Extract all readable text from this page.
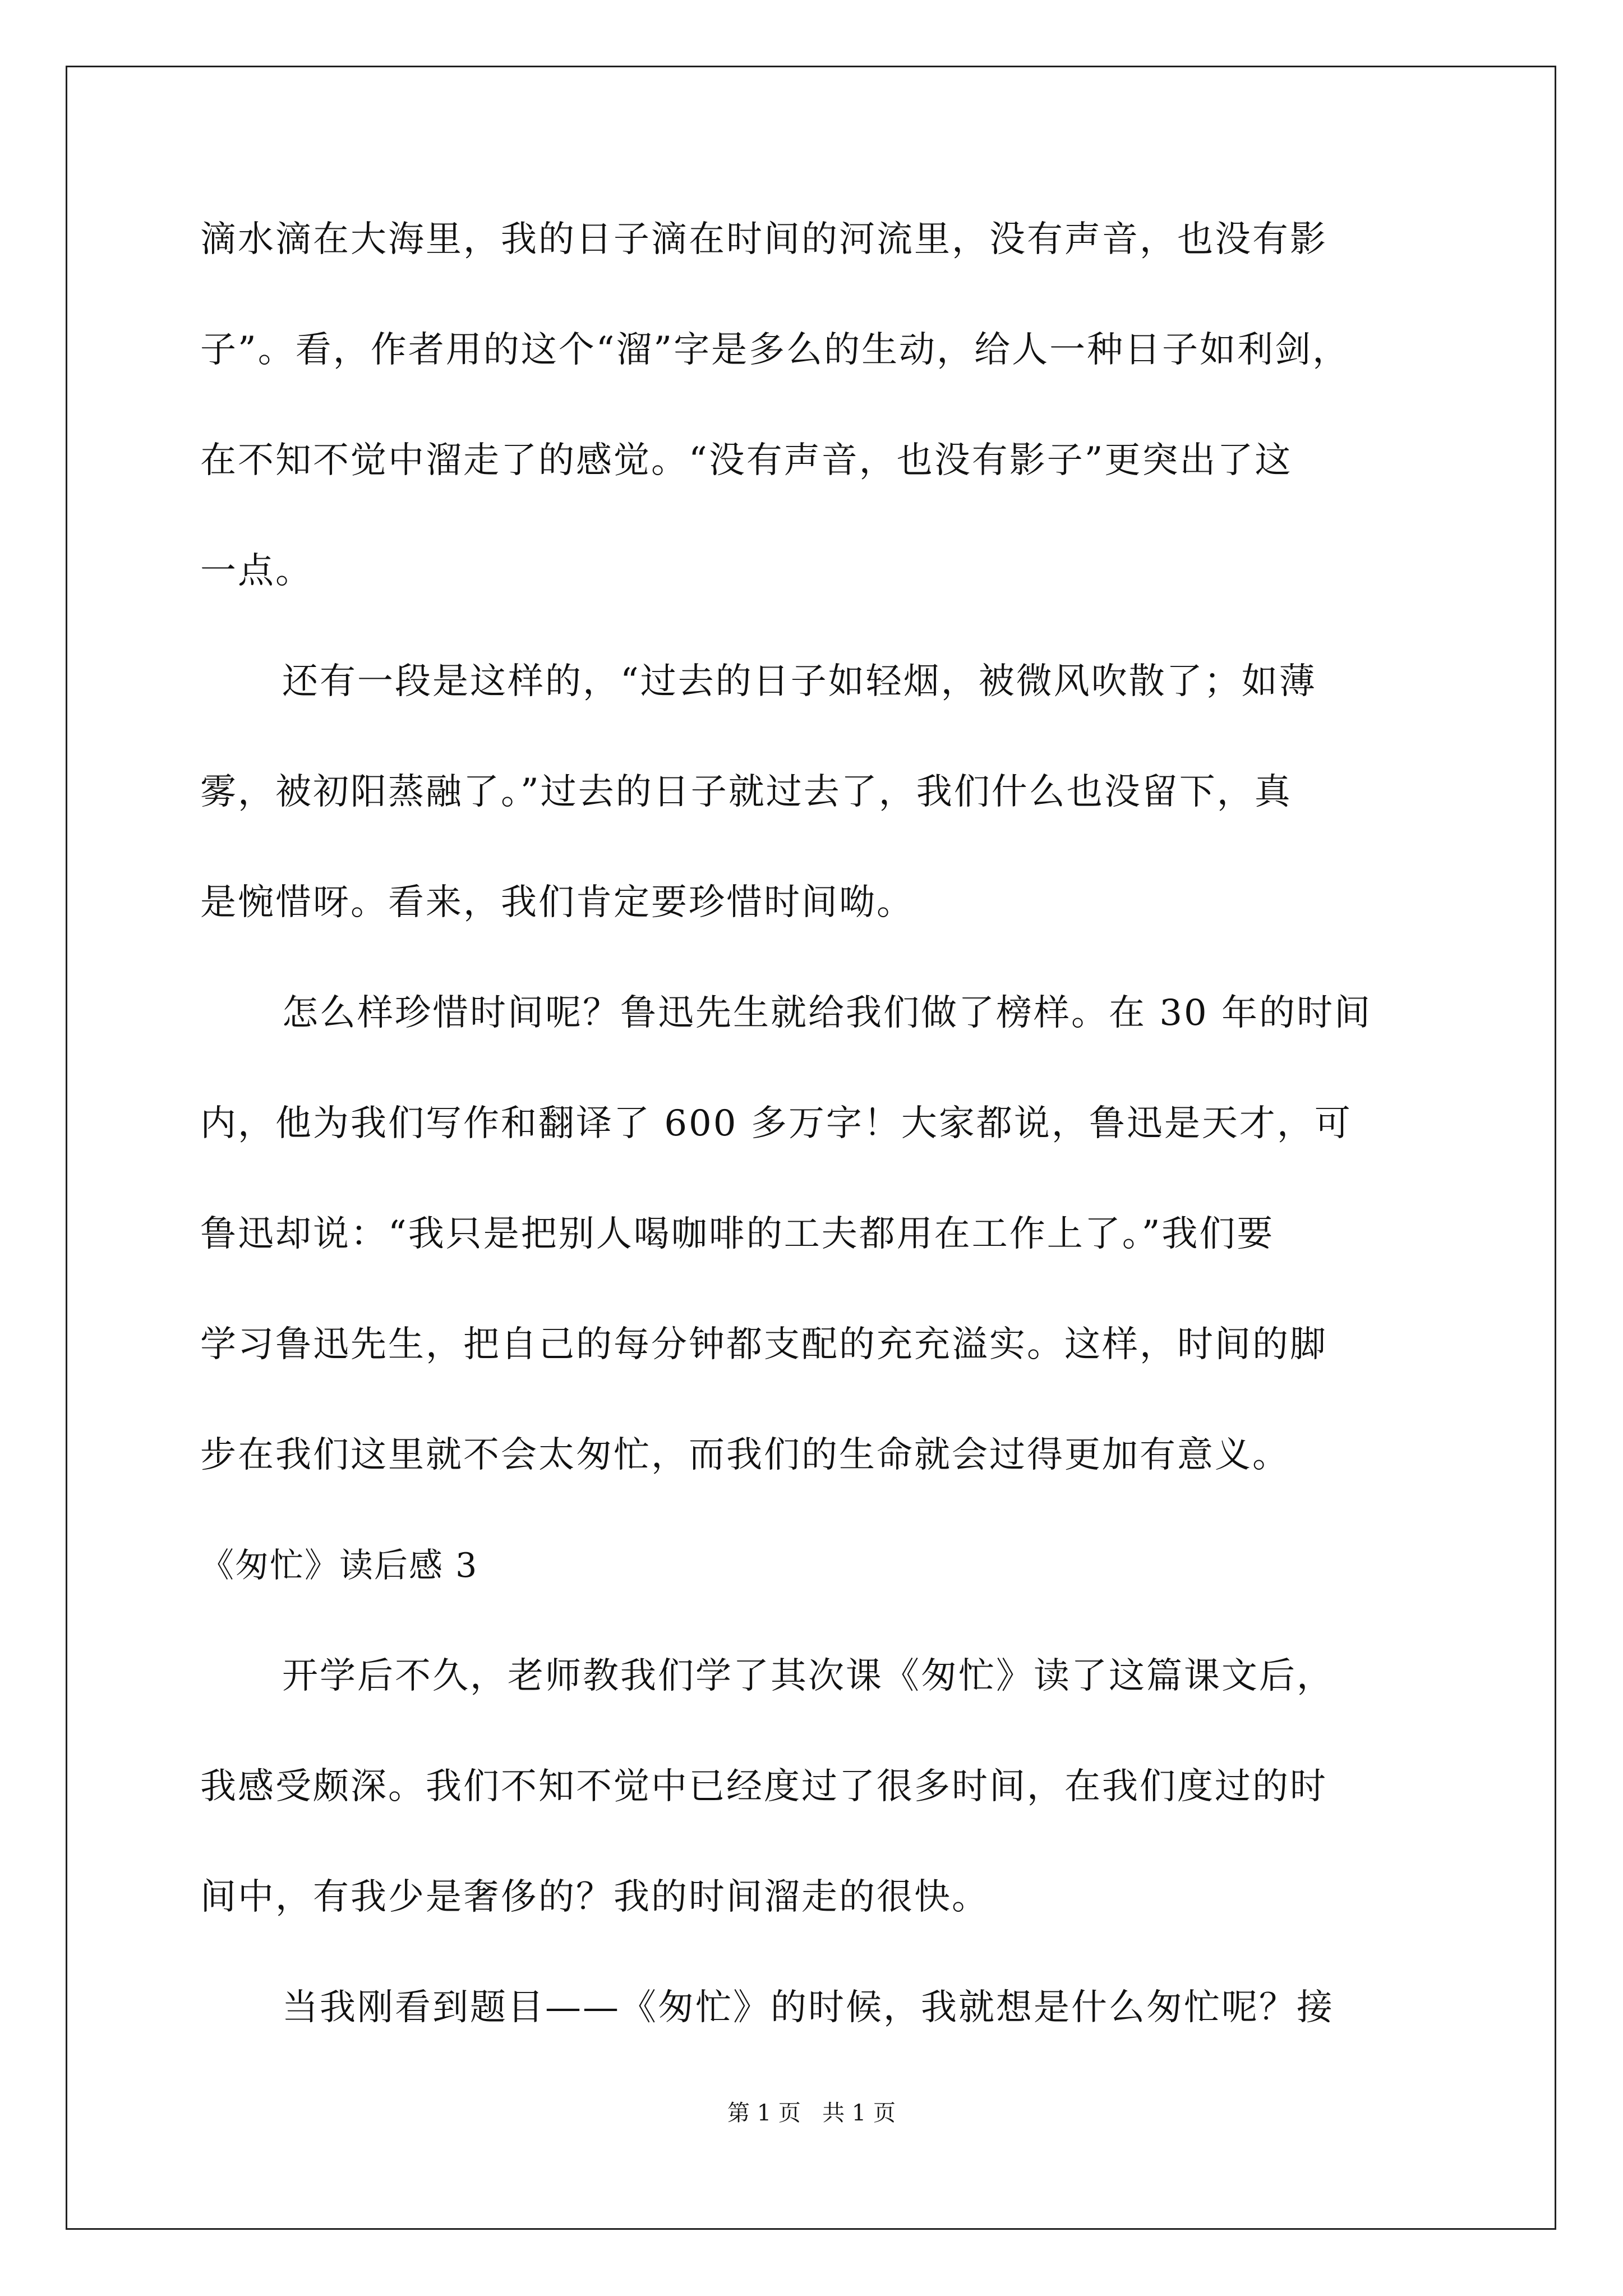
滴水滴在大海里，我的日子滴在时间的河流里，没有声音，也没有影
子”。看，作者用的这个“溜”字是多么的生动，给人一种日子如利剑，
在不知不觉中溜走了的感觉。“没有声音，也没有影子”更突出了这
一点。
还有一段是这样的，“过去的日子如轻烟，被微风吹散了；如薄
雾，被初阳蒸融了。”过去的日子就过去了，我们什么也没留下，真
是惋惜呀。看来，我们肯定要珍惜时间呦。
怎么样珍惜时间呢？鲁迅先生就给我们做了榜样。在 30 年的时间
内，他为我们写作和翻译了 600 多万字！大家都说，鲁迅是天才，可
鲁迅却说：“我只是把别人喝咖啡的工夫都用在工作上了。”我们要
学习鲁迅先生，把自己的每分钟都支配的充充溢实。这样，时间的脚
步在我们这里就不会太匆忙，而我们的生命就会过得更加有意义。
《匆忙》读后感 3
开学后不久，老师教我们学了其次课《匆忙》读了这篇课文后，
我感受颇深。我们不知不觉中已经度过了很多时间，在我们度过的时
间中，有我少是奢侈的？我的时间溜走的很快。
当我刚看到题目——《匆忙》的时候，我就想是什么匆忙呢？接
第 1 页   共 1 页
